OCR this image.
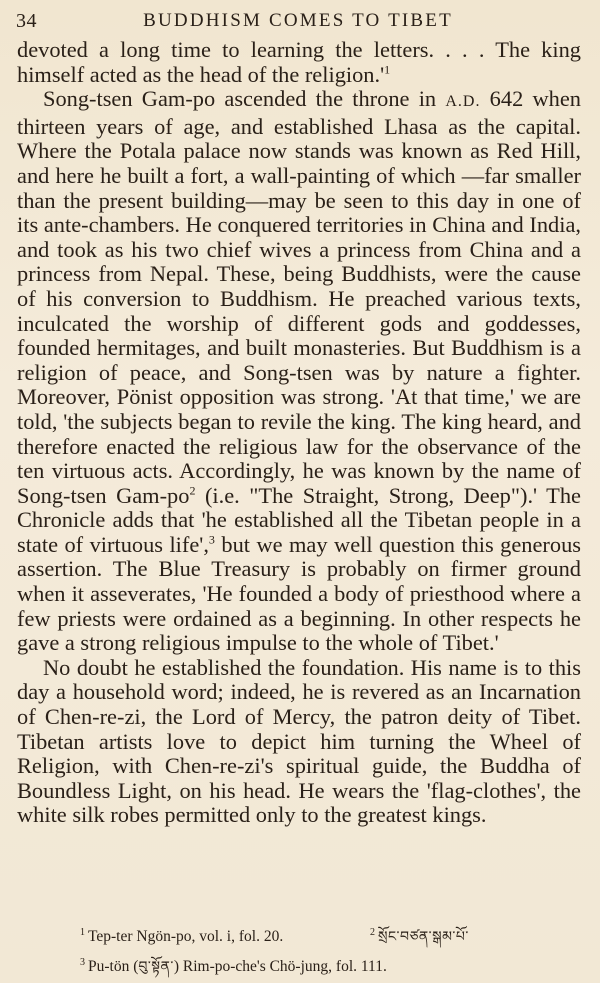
34	BUDDHISM COMES TO TIBET

devoted a long time to learning the letters. . . . The king himself acted as the head of the $religion.'^1$

Song-tsen Gam-po ascended the throne in A.D. 642 when thirteen years of age, and established Lhasa as the capital. Where the Potala palace now stands was known as Red Hill, and here he built a fort, a wall-painting of which —far smaller than the present building—may be seen to this day in one of its ante-chambers. He conquered territories in China and India, and took as his two chief wives a princess from China and a princess from Nepal. These, being Buddhists, were the cause of his conversion to Buddhism. He preached various texts, inculcated the worship of different gods and goddesses, founded hermitages, and built monasteries. But Buddhism is a religion of peace, and Song-tsen was by nature a fighter. Moreover, Pönist opposition was strong. 'At that time,' we are told, 'the subjects began to revile the king. The king heard, and therefore enacted the religious law for the observance of the ten virtuous acts. Accordingly, he was known by the name of Song-tsen Gam-$po^2$ (i.e. "The Straight, Strong, Deep").' The Chronicle adds that 'he established all the Tibetan people in a state of virtuous life',$^3$ but we may well question this generous assertion. The Blue Treasury is probably on firmer ground when it asseverates, 'He founded a body of priesthood where a few priests were ordained as a beginning. In other respects he gave a strong religious impulse to the whole of Tibet.'

No doubt he established the foundation. His name is to this day a household word; indeed, he is revered as an Incarnation of Chen-re-zi, the Lord of Mercy, the patron deity of Tibet. Tibetan artists love to depict him turning the Wheel of Religion, with Chen-re-zi's spiritual guide, the Buddha of Boundless Light, on his head. He wears the 'flag-clothes', the white silk robes permitted only to the greatest kings.

$^1$ Tep-ter Ngön-po, vol. i, fol. 20.	$^2$ སྲོང་བཙན་སྒམ་པོ་
$^3$ Pu-tön (བུ་སྟོན་) Rim-po-che's Chö-jung, fol. 111.
